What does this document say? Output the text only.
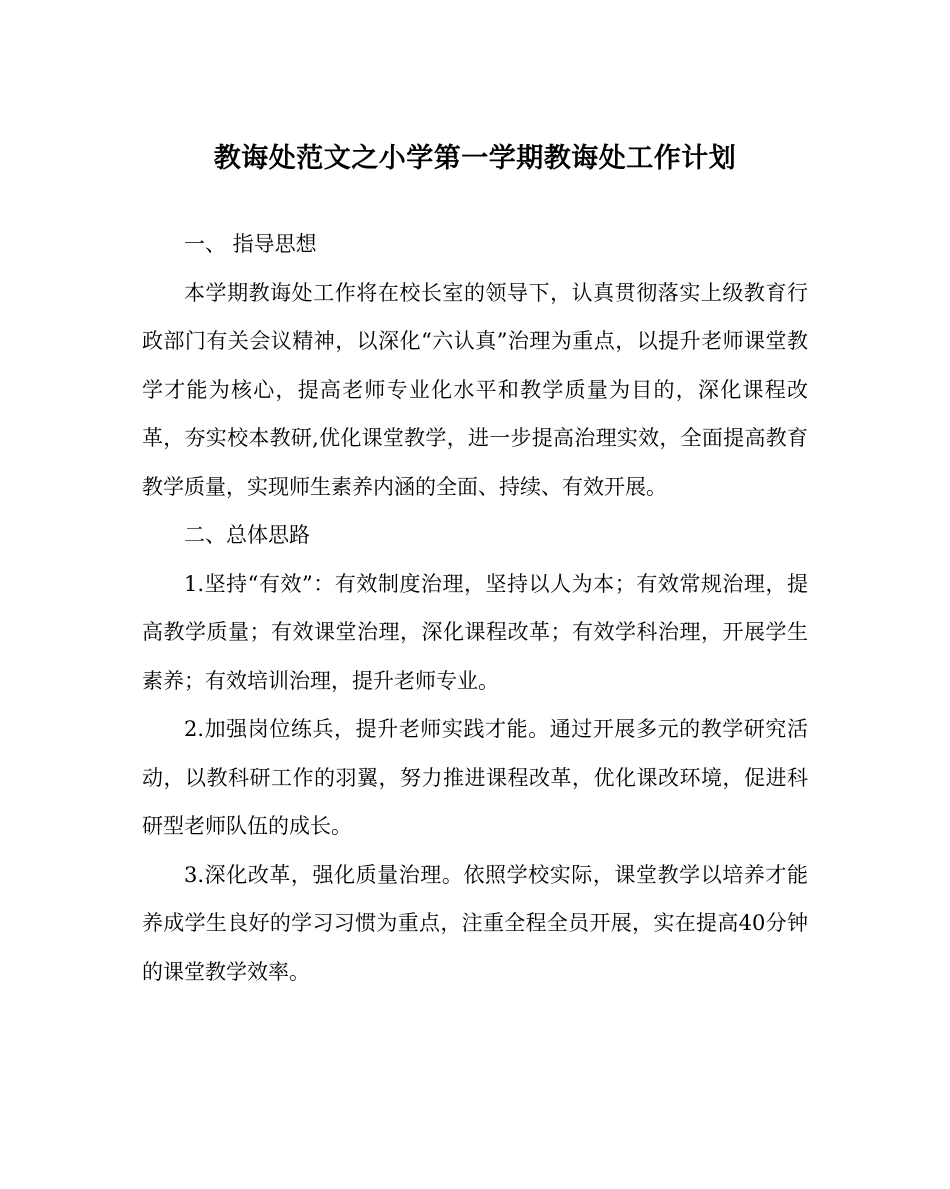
教诲处范文之小学第一学期教诲处工作计划

一、 指导思想

本学期教诲处工作将在校长室的领导下，认真贯彻落实上级教育行政部门有关会议精神，以深化“六认真”治理为重点，以提升老师课堂教学才能为核心，提高老师专业化水平和教学质量为目的，深化课程改革，夯实校本教研,优化课堂教学，进一步提高治理实效，全面提高教育教学质量，实现师生素养内涵的全面、持续、有效开展。

二、总体思路

1.坚持“有效”：有效制度治理，坚持以人为本；有效常规治理，提高教学质量；有效课堂治理，深化课程改革；有效学科治理，开展学生素养；有效培训治理，提升老师专业。

2.加强岗位练兵，提升老师实践才能。通过开展多元的教学研究活动，以教科研工作的羽翼，努力推进课程改革，优化课改环境，促进科研型老师队伍的成长。

3.深化改革，强化质量治理。依照学校实际，课堂教学以培养才能养成学生良好的学习习惯为重点，注重全程全员开展，实在提高40分钟的课堂教学效率。
